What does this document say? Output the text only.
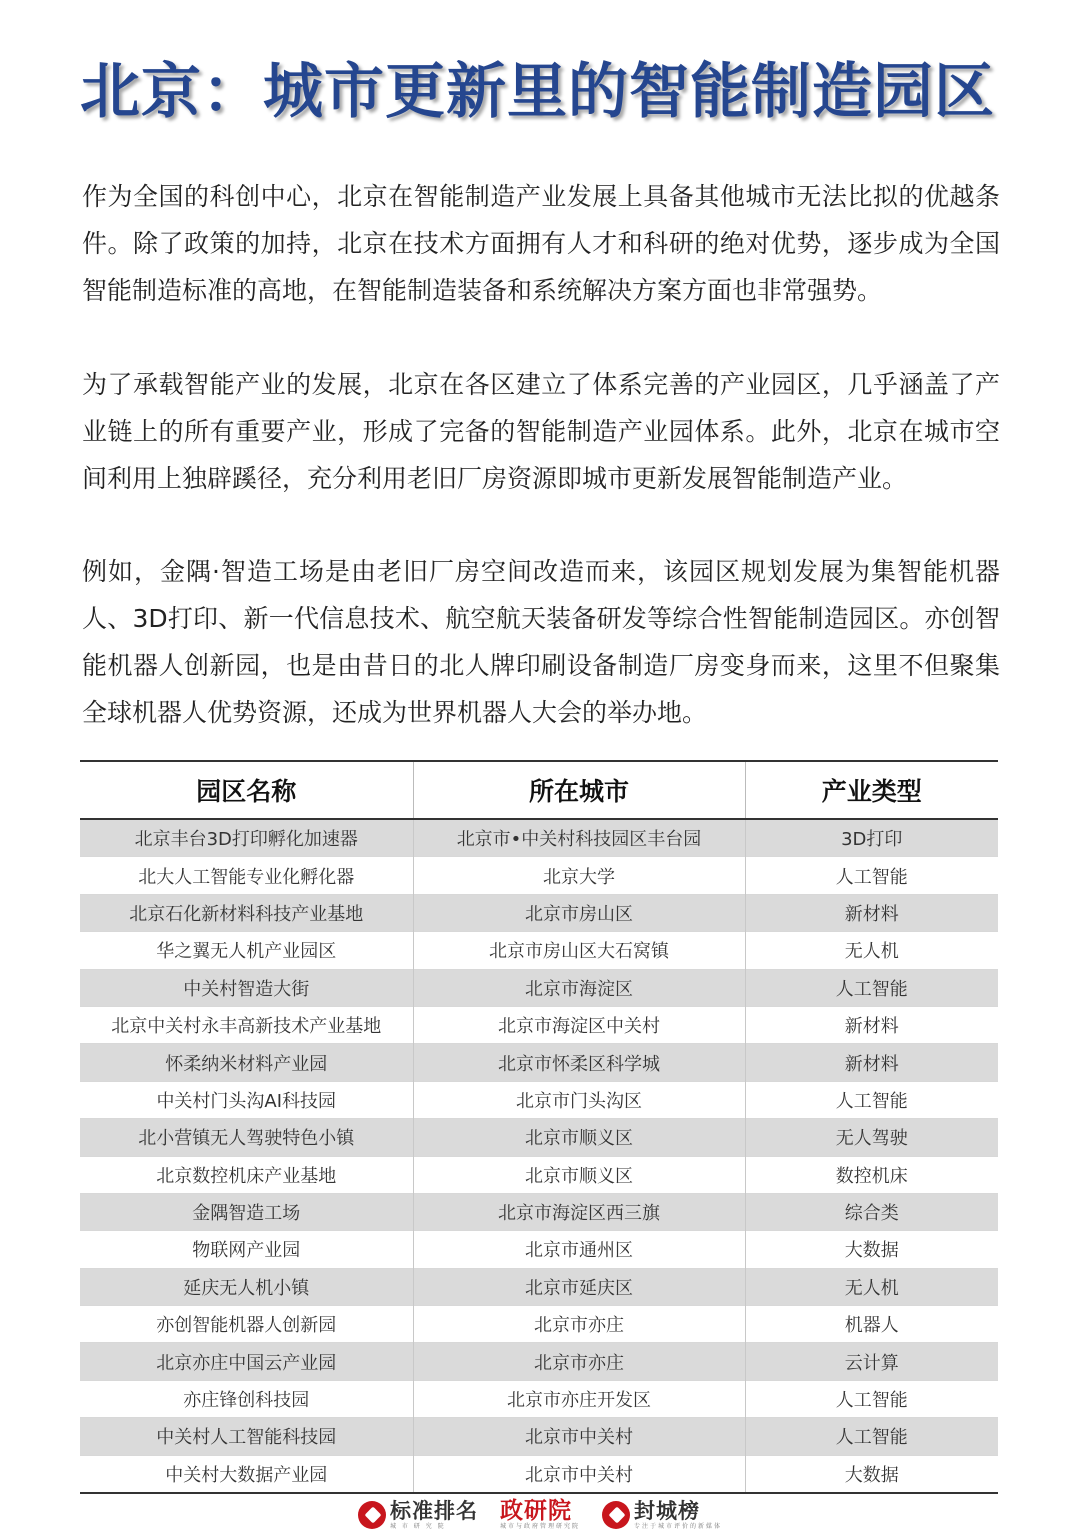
北京：城市更新里的智能制造园区

作为全国的科创中心，北京在智能制造产业发展上具备其他城市无法比拟的优越条件。除了政策的加持，北京在技术方面拥有人才和科研的绝对优势，逐步成为全国智能制造标准的高地，在智能制造装备和系统解决方案方面也非常强势。

为了承载智能产业的发展，北京在各区建立了体系完善的产业园区，几乎涵盖了产业链上的所有重要产业，形成了完备的智能制造产业园体系。此外，北京在城市空间利用上独辟蹊径，充分利用老旧厂房资源即城市更新发展智能制造产业。

例如，金隅·智造工场是由老旧厂房空间改造而来，该园区规划发展为集智能机器人、3D打印、新一代信息技术、航空航天装备研发等综合性智能制造园区。亦创智能机器人创新园，也是由昔日的北人牌印刷设备制造厂房变身而来，这里不但聚集全球机器人优势资源，还成为世界机器人大会的举办地。

园区名称	所在城市	产业类型
北京丰台3D打印孵化加速器	北京市•中关村科技园区丰台园	3D打印
北大人工智能专业化孵化器	北京大学	人工智能
北京石化新材料科技产业基地	北京市房山区	新材料
华之翼无人机产业园区	北京市房山区大石窝镇	无人机
中关村智造大街	北京市海淀区	人工智能
北京中关村永丰高新技术产业基地	北京市海淀区中关村	新材料
怀柔纳米材料产业园	北京市怀柔区科学城	新材料
中关村门头沟AI科技园	北京市门头沟区	人工智能
北小营镇无人驾驶特色小镇	北京市顺义区	无人驾驶
北京数控机床产业基地	北京市顺义区	数控机床
金隅智造工场	北京市海淀区西三旗	综合类
物联网产业园	北京市通州区	大数据
延庆无人机小镇	北京市延庆区	无人机
亦创智能机器人创新园	北京市亦庄	机器人
北京亦庄中国云产业园	北京市亦庄	云计算
亦庄锋创科技园	北京市亦庄开发区	人工智能
中关村人工智能科技园	北京市中关村	人工智能
中关村大数据产业园	北京市中关村	大数据
标准排名
城 市 研 究 院
政研院
城市与政府管理研究院
封城榜
专注于城市评价的新媒体
